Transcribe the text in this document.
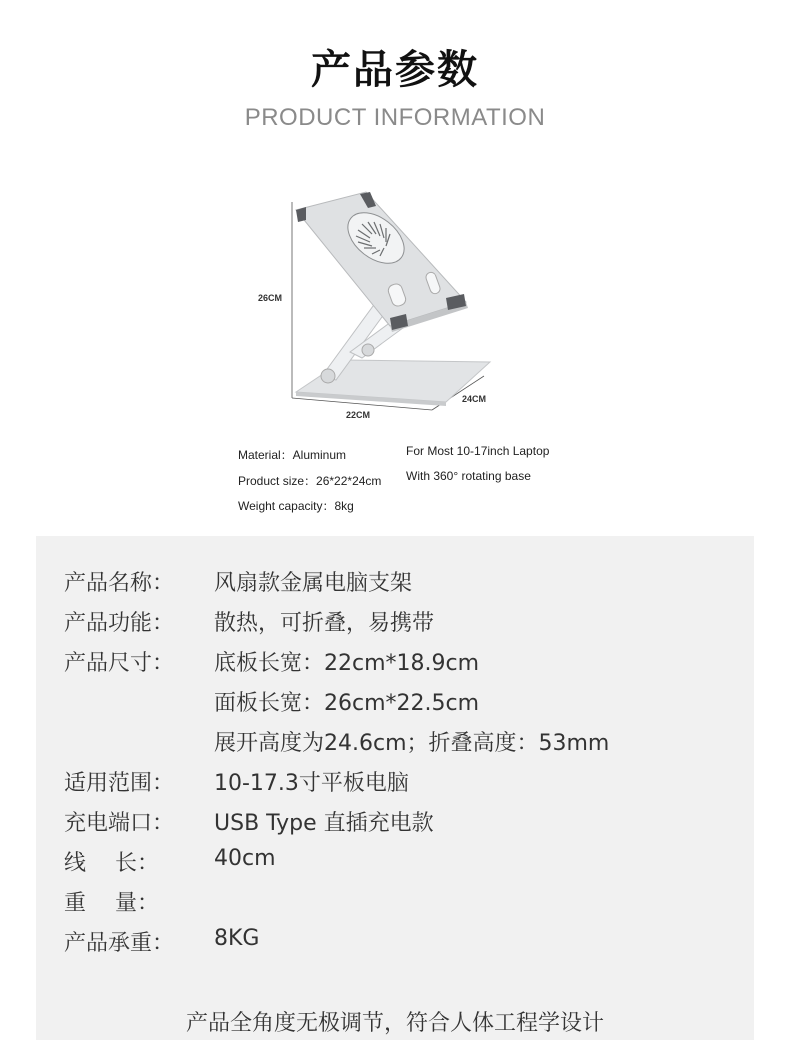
产品参数
PRODUCT INFORMATION
26CM
22CM
24CM
Material：Aluminum
Product size：26*22*24cm
Weight capacity：8kg
For Most 10-17inch Laptop
With 360° rotating base
产品名称： 风扇款金属电脑支架
产品功能： 散热，可折叠，易携带
产品尺寸： 底板长宽：22cm*18.9cm
面板长宽：26cm*22.5cm
展开高度为24.6cm；折叠高度：53mm
适用范围： 10-17.3寸平板电脑
充电端口： USB Type 直插充电款
线　 长：	40cm
重　 量：
产品承重： 8KG
产品全角度无极调节，符合人体工程学设计
